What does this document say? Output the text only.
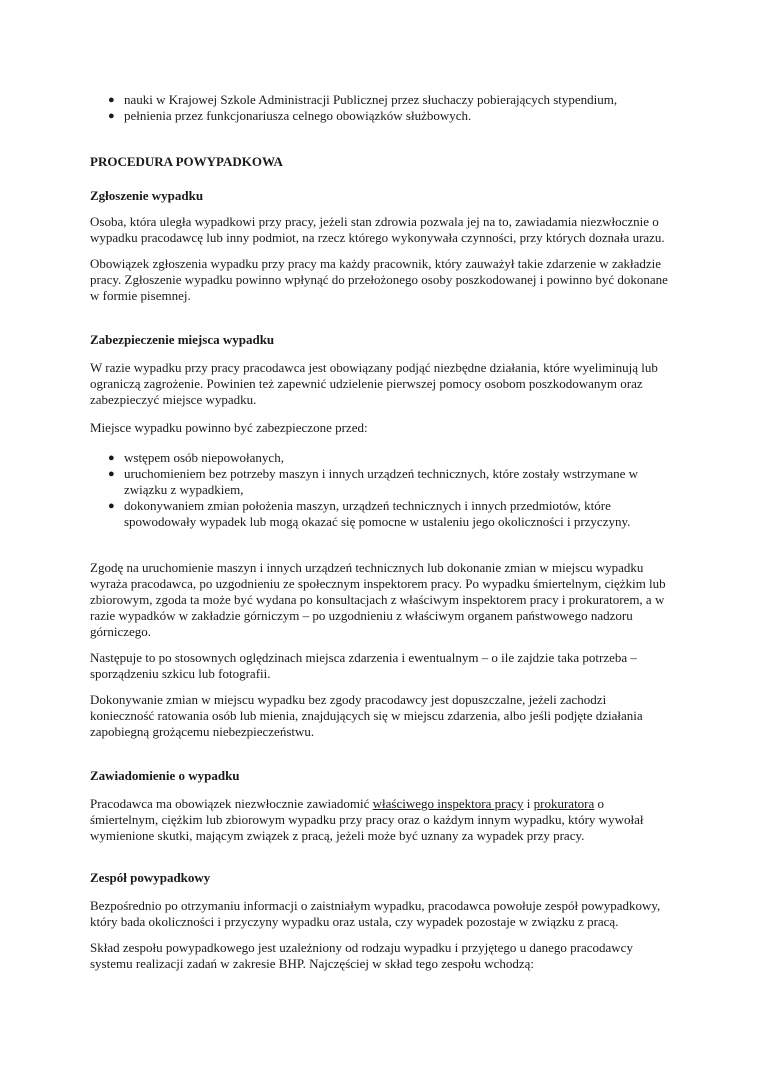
● nauki w Krajowej Szkole Administracji Publicznej przez słuchaczy pobierających stypendium,
● pełnienia przez funkcjonariusza celnego obowiązków służbowych.
PROCEDURA POWYPADKOWA
Zgłoszenie wypadku

Osoba, która uległa wypadkowi przy pracy, jeżeli stan zdrowia pozwala jej na to, zawiadamia niezwłocznie o wypadku pracodawcę lub inny podmiot, na rzecz którego wykonywała czynności, przy których doznała urazu.

Obowiązek zgłoszenia wypadku przy pracy ma każdy pracownik, który zauważył takie zdarzenie w zakładzie pracy. Zgłoszenie wypadku powinno wpłynąć do przełożonego osoby poszkodowanej i powinno być dokonane w formie pisemnej.

Zabezpieczenie miejsca wypadku

W razie wypadku przy pracy pracodawca jest obowiązany podjąć niezbędne działania, które wyeliminują lub ograniczą zagrożenie. Powinien też zapewnić udzielenie pierwszej pomocy osobom poszkodowanym oraz zabezpieczyć miejsce wypadku.

Miejsce wypadku powinno być zabezpieczone przed:

● wstępem osób niepowołanych,
● uruchomieniem bez potrzeby maszyn i innych urządzeń technicznych, które zostały wstrzymane w związku z wypadkiem,
● dokonywaniem zmian położenia maszyn, urządzeń technicznych i innych przedmiotów, które spowodowały wypadek lub mogą okazać się pomocne w ustaleniu jego okoliczności i przyczyny.

Zgodę na uruchomienie maszyn i innych urządzeń technicznych lub dokonanie zmian w miejscu wypadku wyraża pracodawca, po uzgodnieniu ze społecznym inspektorem pracy. Po wypadku śmiertelnym, ciężkim lub zbiorowym, zgoda ta może być wydana po konsultacjach z właściwym inspektorem pracy i prokuratorem, a w razie wypadków w zakładzie górniczym – po uzgodnieniu z właściwym organem państwowego nadzoru górniczego.

Następuje to po stosownych oględzinach miejsca zdarzenia i ewentualnym – o ile zajdzie taka potrzeba – sporządzeniu szkicu lub fotografii.

Dokonywanie zmian w miejscu wypadku bez zgody pracodawcy jest dopuszczalne, jeżeli zachodzi konieczność ratowania osób lub mienia, znajdujących się w miejscu zdarzenia, albo jeśli podjęte działania zapobiegną grożącemu niebezpieczeństwu.

Zawiadomienie o wypadku

Pracodawca ma obowiązek niezwłocznie zawiadomić właściwego inspektora pracy i prokuratora o śmiertelnym, ciężkim lub zbiorowym wypadku przy pracy oraz o każdym innym wypadku, który wywołał wymienione skutki, mającym związek z pracą, jeżeli może być uznany za wypadek przy pracy.

Zespół powypadkowy

Bezpośrednio po otrzymaniu informacji o zaistniałym wypadku, pracodawca powołuje zespół powypadkowy, który bada okoliczności i przyczyny wypadku oraz ustala, czy wypadek pozostaje w związku z pracą.

Skład zespołu powypadkowego jest uzależniony od rodzaju wypadku i przyjętego u danego pracodawcy systemu realizacji zadań w zakresie BHP. Najczęściej w skład tego zespołu wchodzą:
